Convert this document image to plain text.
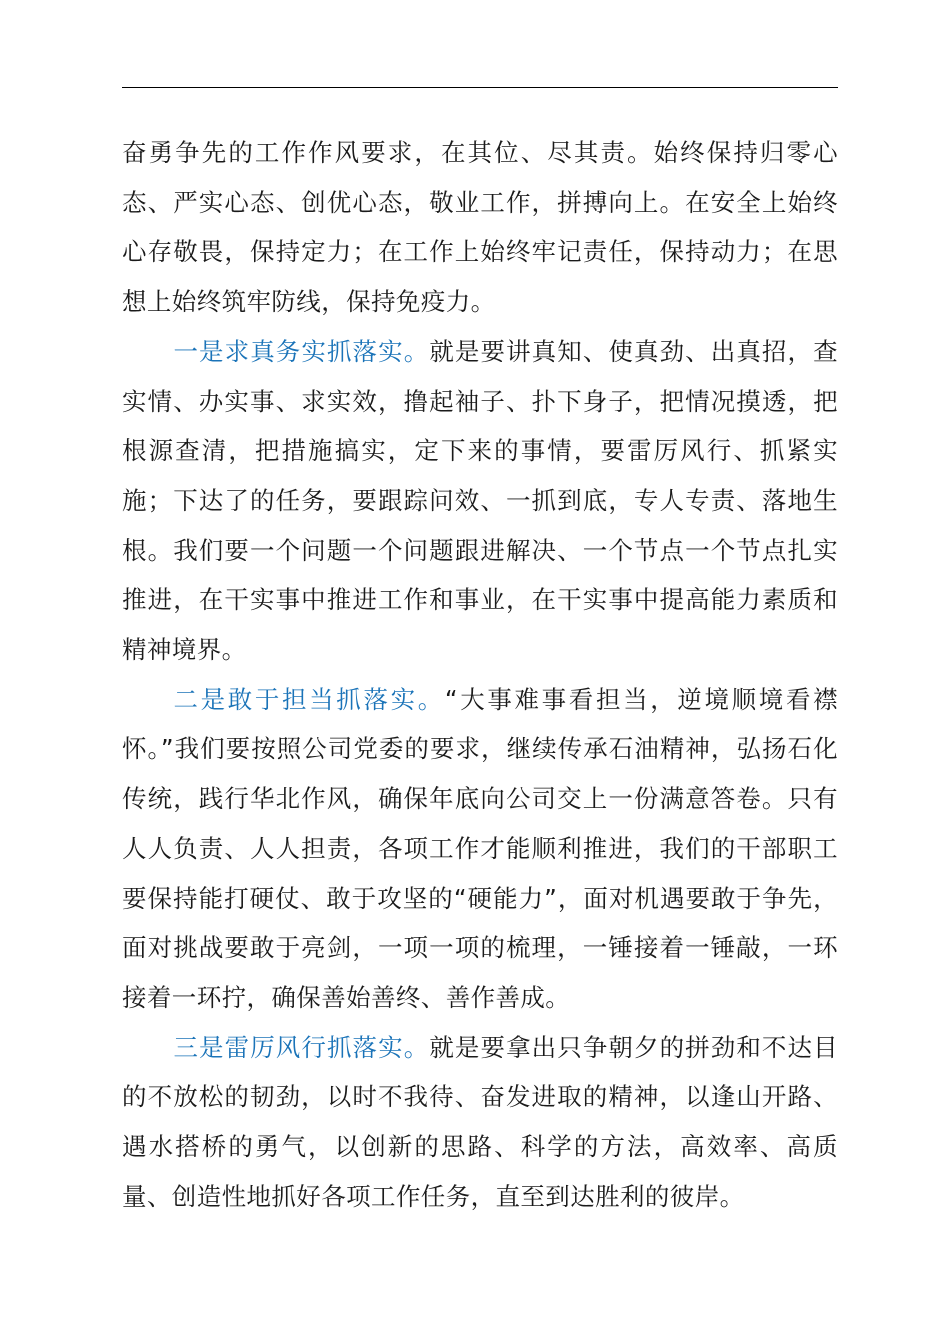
奋勇争先的工作作风要求，在其位、尽其责。始终保持归零心态、严实心态、创优心态，敬业工作，拼搏向上。在安全上始终心存敬畏，保持定力；在工作上始终牢记责任，保持动力；在思想上始终筑牢防线，保持免疫力。

一是求真务实抓落实。就是要讲真知、使真劲、出真招，查实情、办实事、求实效，撸起袖子、扑下身子，把情况摸透，把根源查清，把措施搞实，定下来的事情，要雷厉风行、抓紧实施；下达了的任务，要跟踪问效、一抓到底，专人专责、落地生根。我们要一个问题一个问题跟进解决、一个节点一个节点扎实推进，在干实事中推进工作和事业，在干实事中提高能力素质和精神境界。

二是敢于担当抓落实。“大事难事看担当，逆境顺境看襟怀。”我们要按照公司党委的要求，继续传承石油精神，弘扬石化传统，践行华北作风，确保年底向公司交上一份满意答卷。只有人人负责、人人担责，各项工作才能顺利推进，我们的干部职工要保持能打硬仗、敢于攻坚的“硬能力”，面对机遇要敢于争先，面对挑战要敢于亮剑，一项一项的梳理，一锤接着一锤敲，一环接着一环拧，确保善始善终、善作善成。

三是雷厉风行抓落实。就是要拿出只争朝夕的拼劲和不达目的不放松的韧劲，以时不我待、奋发进取的精神，以逢山开路、遇水搭桥的勇气，以创新的思路、科学的方法，高效率、高质量、创造性地抓好各项工作任务，直至到达胜利的彼岸。
